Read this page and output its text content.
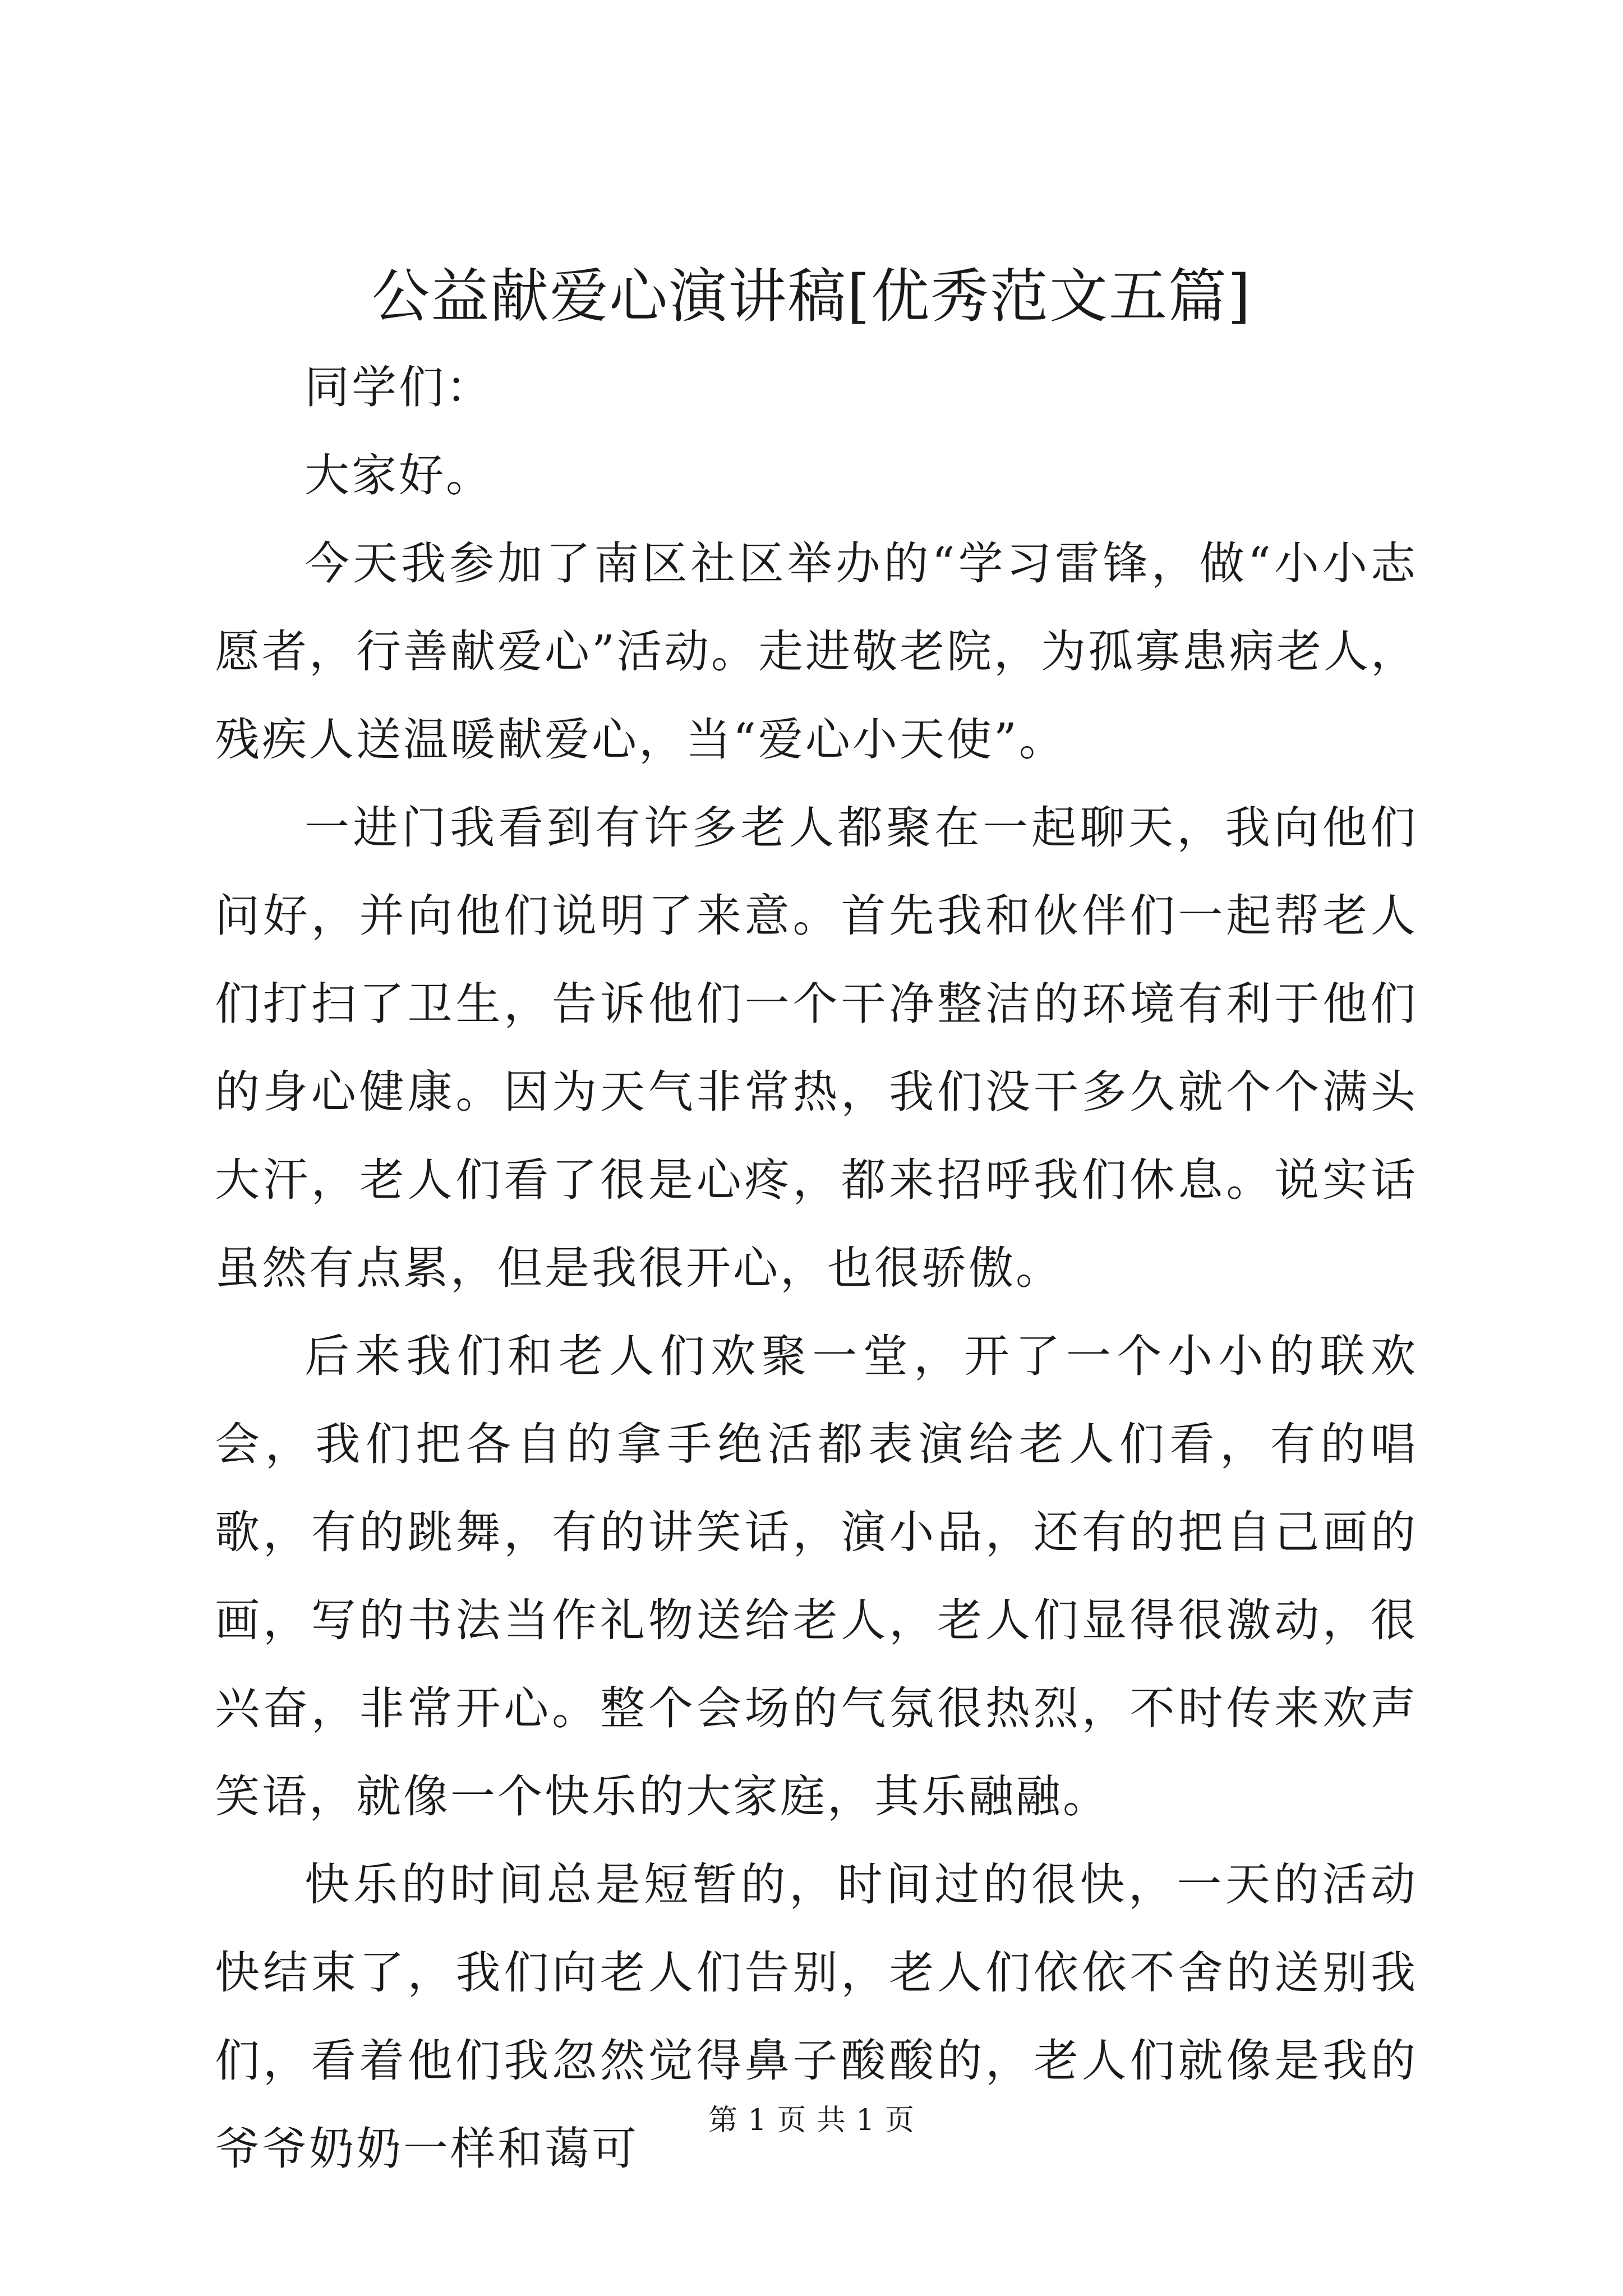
公益献爱心演讲稿[优秀范文五篇]

同学们：

大家好。

今天我参加了南区社区举办的“学习雷锋，做“小小志愿者，行善献爱心”活动。走进敬老院，为孤寡患病老人，残疾人送温暖献爱心，当“爱心小天使”。

一进门我看到有许多老人都聚在一起聊天，我向他们问好，并向他们说明了来意。首先我和伙伴们一起帮老人们打扫了卫生，告诉他们一个干净整洁的环境有利于他们的身心健康。因为天气非常热，我们没干多久就个个满头大汗，老人们看了很是心疼，都来招呼我们休息。说实话虽然有点累，但是我很开心，也很骄傲。

后来我们和老人们欢聚一堂，开了一个小小的联欢会，我们把各自的拿手绝活都表演给老人们看，有的唱歌，有的跳舞，有的讲笑话，演小品，还有的把自己画的画，写的书法当作礼物送给老人，老人们显得很激动，很兴奋，非常开心。整个会场的气氛很热烈，不时传来欢声笑语，就像一个快乐的大家庭，其乐融融。

快乐的时间总是短暂的，时间过的很快，一天的活动快结束了，我们向老人们告别，老人们依依不舍的送别我们，看着他们我忽然觉得鼻子酸酸的，老人们就像是我的爷爷奶奶一样和蔼可

第 1 页 共 1 页
